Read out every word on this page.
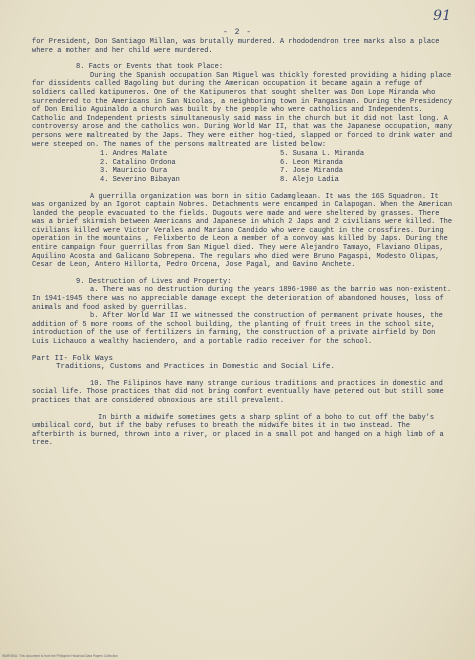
91
- 2 -

for President, Don Santiago Millan, was brutally murdered. A rhododendron tree marks also a place where a mother and her child were murdered.

8. Facts or Events that took Place:

During the Spanish occupation San Miguel was thickly forested providing a hiding place for dissidents called Bagoling but during the American occupation it became again a refuge of soldiers called katipuneros. One of the Katipuneros that sought shelter was Don Lope Miranda who surrendered to the Americans in San Nicolas, a neighboring town in Pangasinan. During the Presidency of Don Emilio Aguinaldo a church was built by the people who were catholics and Independents. Catholic and Independent priests simultaneously said mass in the church but it did not last long. A controversy arose and the catholics won. During World War II, that was the Japanese occupation, many persons were maltreated by the Japs. They were either hog-tied, slapped or forced to drink water and were steeped on. The names of the persons maltreated are listed below:

1. Andres Malate	5. Susana L. Miranda
2. Catalino Ordona	6. Leon Miranda
3. Mauricio Oura	7. Jose Miranda
4. Severino Bibayan	8. Alejo Ladia

A guerrilla organization was born in sitio Cadamgleaan. It was the 16S Squadron. It was organized by an Igorot captain Nobres. Detachments were encamped in Calapogan. When the American landed the people evacuated to the fields. Dugouts were made and were sheltered by grasses. There was a brief skirmish between Americans and Japanese in which 2 Japs and 2 civilians were killed. The civilians killed were Victor Verales and Mariano Candido who were caught in the crossfires. During operation in the mountains , Felixberto de Leon a member of a convoy was killed by Japs. During the entire campaign four guerrillas from San Miguel died. They were Alejandro Tamayo, Flaviano Olipas, Aquilino Acosta and Galicano Sobrepena. The regulars who died were Bruno Pagaspi, Modesto Olipas, Cesar de Leon, Antero Hillorta, Pedro Orcena, Jose Pagal, and Gavino Anchete.

9. Destruction of Lives and Property:

a. There was no destruction during the years 1896-1900 as the barrio was non-existent. In 1941-1945 there was no appreciable damage except the deterioration of abandoned houses, loss of animals and food asked by guerrillas.

b. After World War II we witnessed the construction of permanent private houses, the addition of 5 more rooms of the school building, the planting of fruit trees in the school site, introduction of the use of fertilizers in farming, the construction of a private airfield by Don Luis Lichauco a wealthy haciendero, and a portable radio receiver for the school.

Part II- Folk Ways

Traditions, Customs and Practices in Domestic and Social Life.

10. The Filipinos have many strange curious traditions and practices in domestic and social life. Those practices that did not bring comfort eventually have petered out but still some practices that are considered obnoxious are still prevalent.

In birth a midwife sometimes gets a sharp splint of a boho to cut off the baby's umbilical cord, but if the baby refuses to breath the midwife bites it in two instead. The afterbirth is burned, thrown into a river, or placed in a small pot and hanged on a high limb of a tree.

WARNING: This document is from the Philippine Historical Data Papers Collection
